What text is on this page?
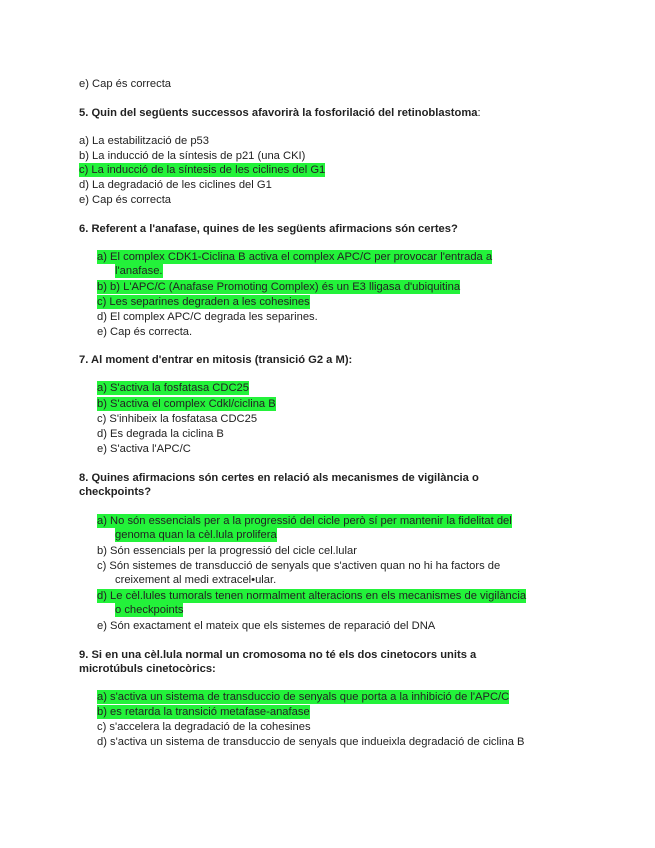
e) Cap és correcta
5. Quin del següents successos afavorirà la fosforilació del retinoblastoma:
a) La estabilització de p53
b) La inducció de la síntesis de p21 (una CKI)
c) La inducció de la síntesis de les ciclines del G1
d) La degradació de les ciclines del G1
e) Cap és correcta
6. Referent a l'anafase, quines de les següents afirmacions són certes?
a) El complex CDK1-Ciclina B activa el complex APC/C per provocar l'entrada a
l'anafase.
b) b) L'APC/C (Anafase Promoting Complex) és un E3 lligasa d'ubiquitina
c) Les separines degraden a les cohesines
d) El complex APC/C degrada les separines.
e) Cap és correcta.
7. Al moment d'entrar en mitosis (transició G2 a M):
a) S'activa la fosfatasa CDC25
b) S'activa el complex Cdkl/ciclina B
c) S'inhibeix la fosfatasa CDC25
d) Es degrada la ciclina B
e) S'activa l'APC/C
8. Quines afirmacions són certes en relació als mecanismes de vigilància o
checkpoints?
a) No són essencials per a la progressió del cicle però sí per mantenir la fidelitat del
genoma quan la cèl.lula prolifera
b) Són essencials per la progressió del cicle cel.lular
c) Són sistemes de transducció de senyals que s'activen quan no hi ha factors de
creixement al medi extracel•ular.
d) Le cèl.lules tumorals tenen normalment alteracions en els mecanismes de vigilància
o checkpoints
e) Són exactament el mateix que els sistemes de reparació del DNA
9. Si en una cèl.lula normal un cromosoma no té els dos cinetocors units a
microtúbuls cinetocòrics:
a) s'activa un sistema de transduccio de senyals que porta a la inhibició de l'APC/C
b) es retarda la transició metafase-anafase
c) s'accelera la degradació de la cohesines
d) s'activa un sistema de transduccio de senyals que indueixla degradació de ciclina B
